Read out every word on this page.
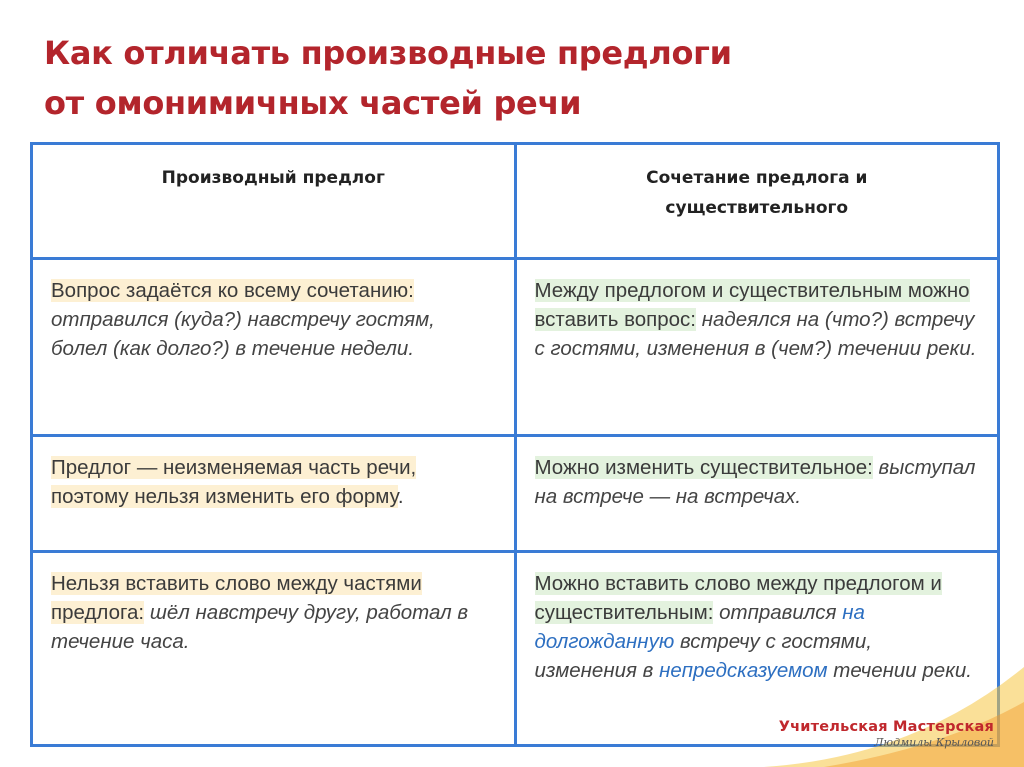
Как отличать производные предлоги
от омонимичных частей речи
Производный предлог	Сочетание предлога и
существительного
Вопрос задаётся ко всему сочетанию: отправился (куда?) навстречу гостям, болел (как долго?) в течение недели.	Между предлогом и существительным можно вставить вопрос: надеялся на (что?) встречу с гостями, изменения в (чем?) течении реки.
Предлог — неизменяемая часть речи, поэтому нельзя изменить его форму.	Можно изменить существительное: выступал на встрече — на встречах.
Нельзя вставить слово между частями предлога: шёл навстречу другу, работал в течение часа.	Можно вставить слово между предлогом и существительным: отправился на долгожданную встречу с гостями, изменения в непредсказуемом течении реки.
Учительская Мастерская
Людмилы Крыловой
